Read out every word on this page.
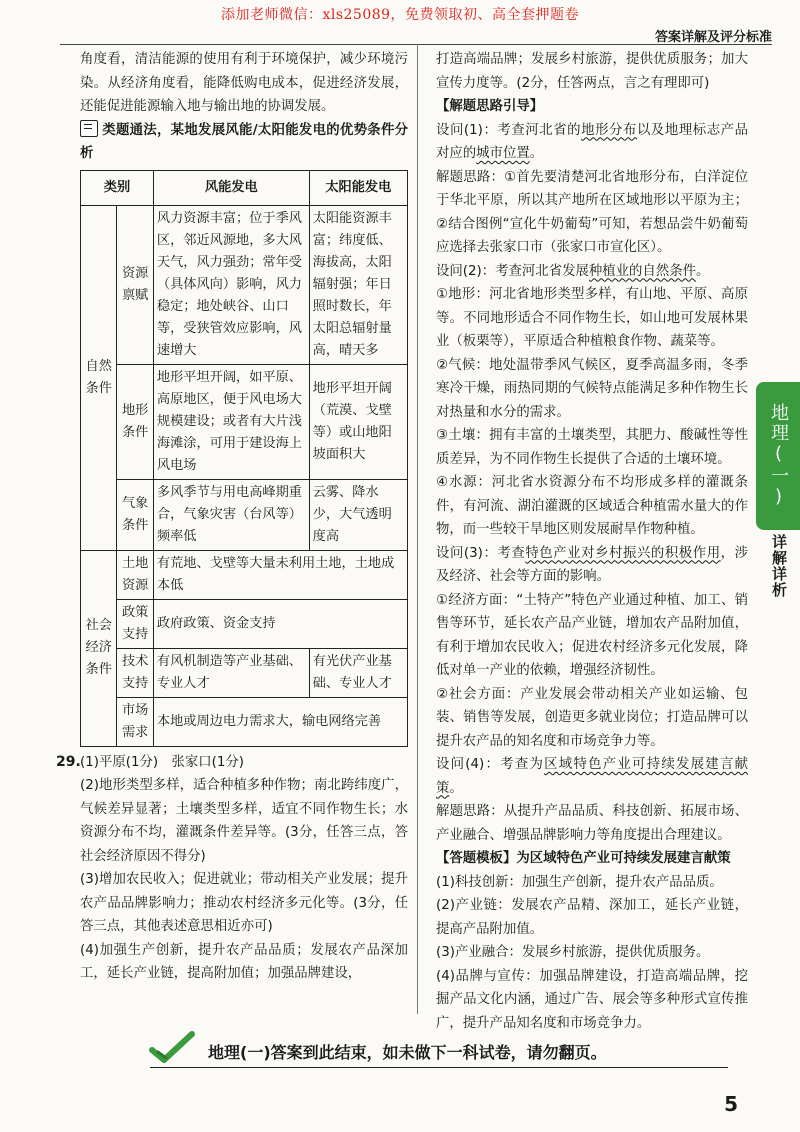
添加老师微信：xls25089，免费领取初、高全套押题卷
答案详解及评分标准

角度看，清洁能源的使用有利于环境保护，减少环境污染。从经济角度看，能降低购电成本，促进经济发展，还能促进能源输入地与输出地的协调发展。

类题通法，某地发展风能/太阳能发电的优势条件分析

类别		风能发电	太阳能发电
自然条件	资源禀赋	风力资源丰富；位于季风区，邻近风源地，多大风天气，风力强劲；常年受（具体风向）影响，风力稳定；地处峡谷、山口等，受狭管效应影响，风速增大	太阳能资源丰富；纬度低、海拔高，太阳辐射强；年日照时数长，年太阳总辐射量高，晴天多
	地形条件	地形平坦开阔，如平原、高原地区，便于风电场大规模建设；或者有大片浅海滩涂，可用于建设海上风电场	地形平坦开阔（荒漠、戈壁等）或山地阳坡面积大
	气象条件	多风季节与用电高峰期重合，气象灾害（台风等）频率低	云雾、降水少，大气透明度高
社会经济条件	土地资源	有荒地、戈壁等大量未利用土地，土地成本低	
	政策支持	政府政策、资金支持	
	技术支持	有风机制造等产业基础、专业人才	有光伏产业基础、专业人才
	市场需求	本地或周边电力需求大，输电网络完善	

29.(1)平原(1分)　张家口(1分)

(2)地形类型多样，适合种植多种作物；南北跨纬度广，气候差异显著；土壤类型多样，适宜不同作物生长；水资源分布不均，灌溉条件差异等。(3分，任答三点，答社会经济原因不得分)

(3)增加农民收入；促进就业；带动相关产业发展；提升农产品品牌影响力；推动农村经济多元化等。(3分，任答三点，其他表述意思相近亦可)

(4)加强生产创新，提升农产品品质；发展农产品深加工，延长产业链，提高附加值；加强品牌建设，

打造高端品牌；发展乡村旅游，提供优质服务；加大宣传力度等。(2分，任答两点，言之有理即可)

【解题思路引导】

设问(1)：考查河北省的地形分布以及地理标志产品对应的城市位置。

解题思路：①首先要清楚河北省地形分布，白洋淀位于华北平原，所以其产地所在区域地形以平原为主；②结合图例“宣化牛奶葡萄”可知，若想品尝牛奶葡萄应选择去张家口市（张家口市宣化区）。

设问(2)：考查河北省发展种植业的自然条件。

①地形：河北省地形类型多样，有山地、平原、高原等。不同地形适合不同作物生长，如山地可发展林果业（板栗等），平原适合种植粮食作物、蔬菜等。

②气候：地处温带季风气候区，夏季高温多雨，冬季寒冷干燥，雨热同期的气候特点能满足多种作物生长对热量和水分的需求。

③土壤：拥有丰富的土壤类型，其肥力、酸碱性等性质差异，为不同作物生长提供了合适的土壤环境。

④水源：河北省水资源分布不均形成多样的灌溉条件，有河流、湖泊灌溉的区域适合种植需水量大的作物，而一些较干旱地区则发展耐旱作物种植。

设问(3)：考查特色产业对乡村振兴的积极作用，涉及经济、社会等方面的影响。

①经济方面：“土特产”特色产业通过种植、加工、销售等环节，延长农产品产业链，增加农产品附加值，有利于增加农民收入；促进农村经济多元化发展，降低对单一产业的依赖，增强经济韧性。

②社会方面：产业发展会带动相关产业如运输、包装、销售等发展，创造更多就业岗位；打造品牌可以提升农产品的知名度和市场竞争力等。

设问(4)：考查为区域特色产业可持续发展建言献策。

解题思路：从提升产品品质、科技创新、拓展市场、产业融合、增强品牌影响力等角度提出合理建议。

【答题模板】为区域特色产业可持续发展建言献策

(1)科技创新：加强生产创新，提升农产品品质。

(2)产业链：发展农产品精、深加工，延长产业链，提高产品附加值。

(3)产业融合：发展乡村旅游，提供优质服务。

(4)品牌与宣传：加强品牌建设，打造高端品牌，挖掘产品文化内涵，通过广告、展会等多种形式宣传推广，提升产品知名度和市场竞争力。

地理(一)
详解详析
地理(一)答案到此结束，如未做下一科试卷，请勿翻页。
5
